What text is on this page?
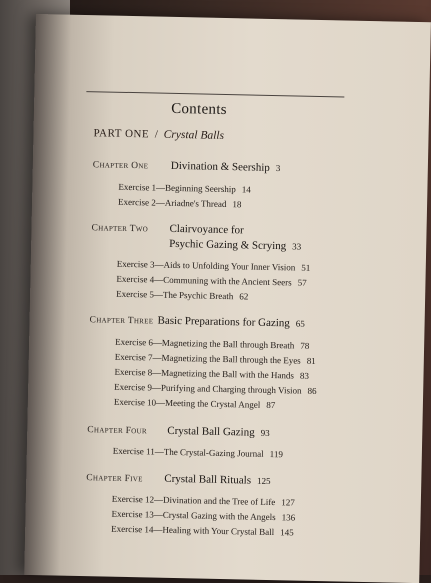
Contents
PART ONE / Crystal Balls
Chapter One Divination & Seership 3
Exercise 1—Beginning Seership 14
Exercise 2—Ariadne's Thread 18
Chapter Two Clairvoyance for
Psychic Gazing & Scrying 33
Exercise 3—Aids to Unfolding Your Inner Vision 51
Exercise 4—Communing with the Ancient Seers 57
Exercise 5—The Psychic Breath 62
Chapter Three Basic Preparations for Gazing 65
Exercise 6—Magnetizing the Ball through Breath 78
Exercise 7—Magnetizing the Ball through the Eyes 81
Exercise 8—Magnetizing the Ball with the Hands 83
Exercise 9—Purifying and Charging through Vision 86
Exercise 10—Meeting the Crystal Angel 87
Chapter Four Crystal Ball Gazing 93
Exercise 11—The Crystal-Gazing Journal 119
Chapter Five Crystal Ball Rituals 125
Exercise 12—Divination and the Tree of Life 127
Exercise 13—Crystal Gazing with the Angels 136
Exercise 14—Healing with Your Crystal Ball 145
